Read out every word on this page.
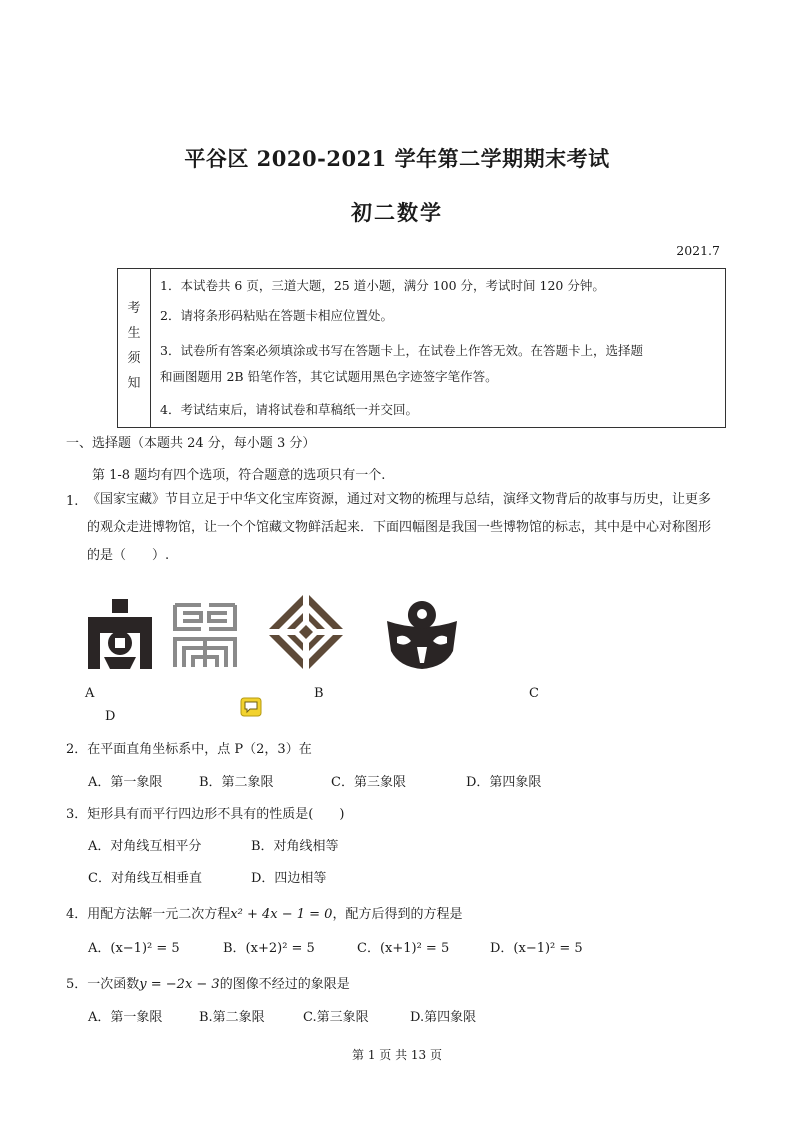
平谷区 2020-2021 学年第二学期期末考试
初二数学
2021.7
考
生
须
知
1．本试卷共 6 页，三道大题，25 道小题，满分 100 分，考试时间 120 分钟。
2．请将条形码粘贴在答题卡相应位置处。
3．试卷所有答案必须填涂或书写在答题卡上，在试卷上作答无效。在答题卡上，选择题
和画图题用 2B 铅笔作答，其它试题用黑色字迹签字笔作答。
4．考试结束后，请将试卷和草稿纸一并交回。
一、选择题（本题共 24 分，每小题 3 分）
第 1-8 题均有四个选项，符合题意的选项只有一个.
1. 《国家宝藏》节目立足于中华文化宝库资源，通过对文物的梳理与总结，演绎文物背后的故事与历史，让更多的观众走进博物馆，让一个个馆藏文物鲜活起来．下面四幅图是我国一些博物馆的标志，其中是中心对称图形的是（　　）.
A	B	C
D
2．在平面直角坐标系中，点 P（2，3）在
A．第一象限	B．第二象限	C．第三象限	D．第四象限
3．矩形具有而平行四边形不具有的性质是(　　)
A．对角线互相平分	B．对角线相等
C．对角线互相垂直	D．四边相等
4．用配方法解一元二次方程x² + 4x − 1 = 0，配方后得到的方程是
A．(x−1)² = 5	B．(x+2)² = 5	C．(x+1)² = 5	D．(x−1)² = 5
5．一次函数y = −2x − 3的图像不经过的象限是
A．第一象限	B.第二象限	C.第三象限	D.第四象限
第 1 页 共 13 页
